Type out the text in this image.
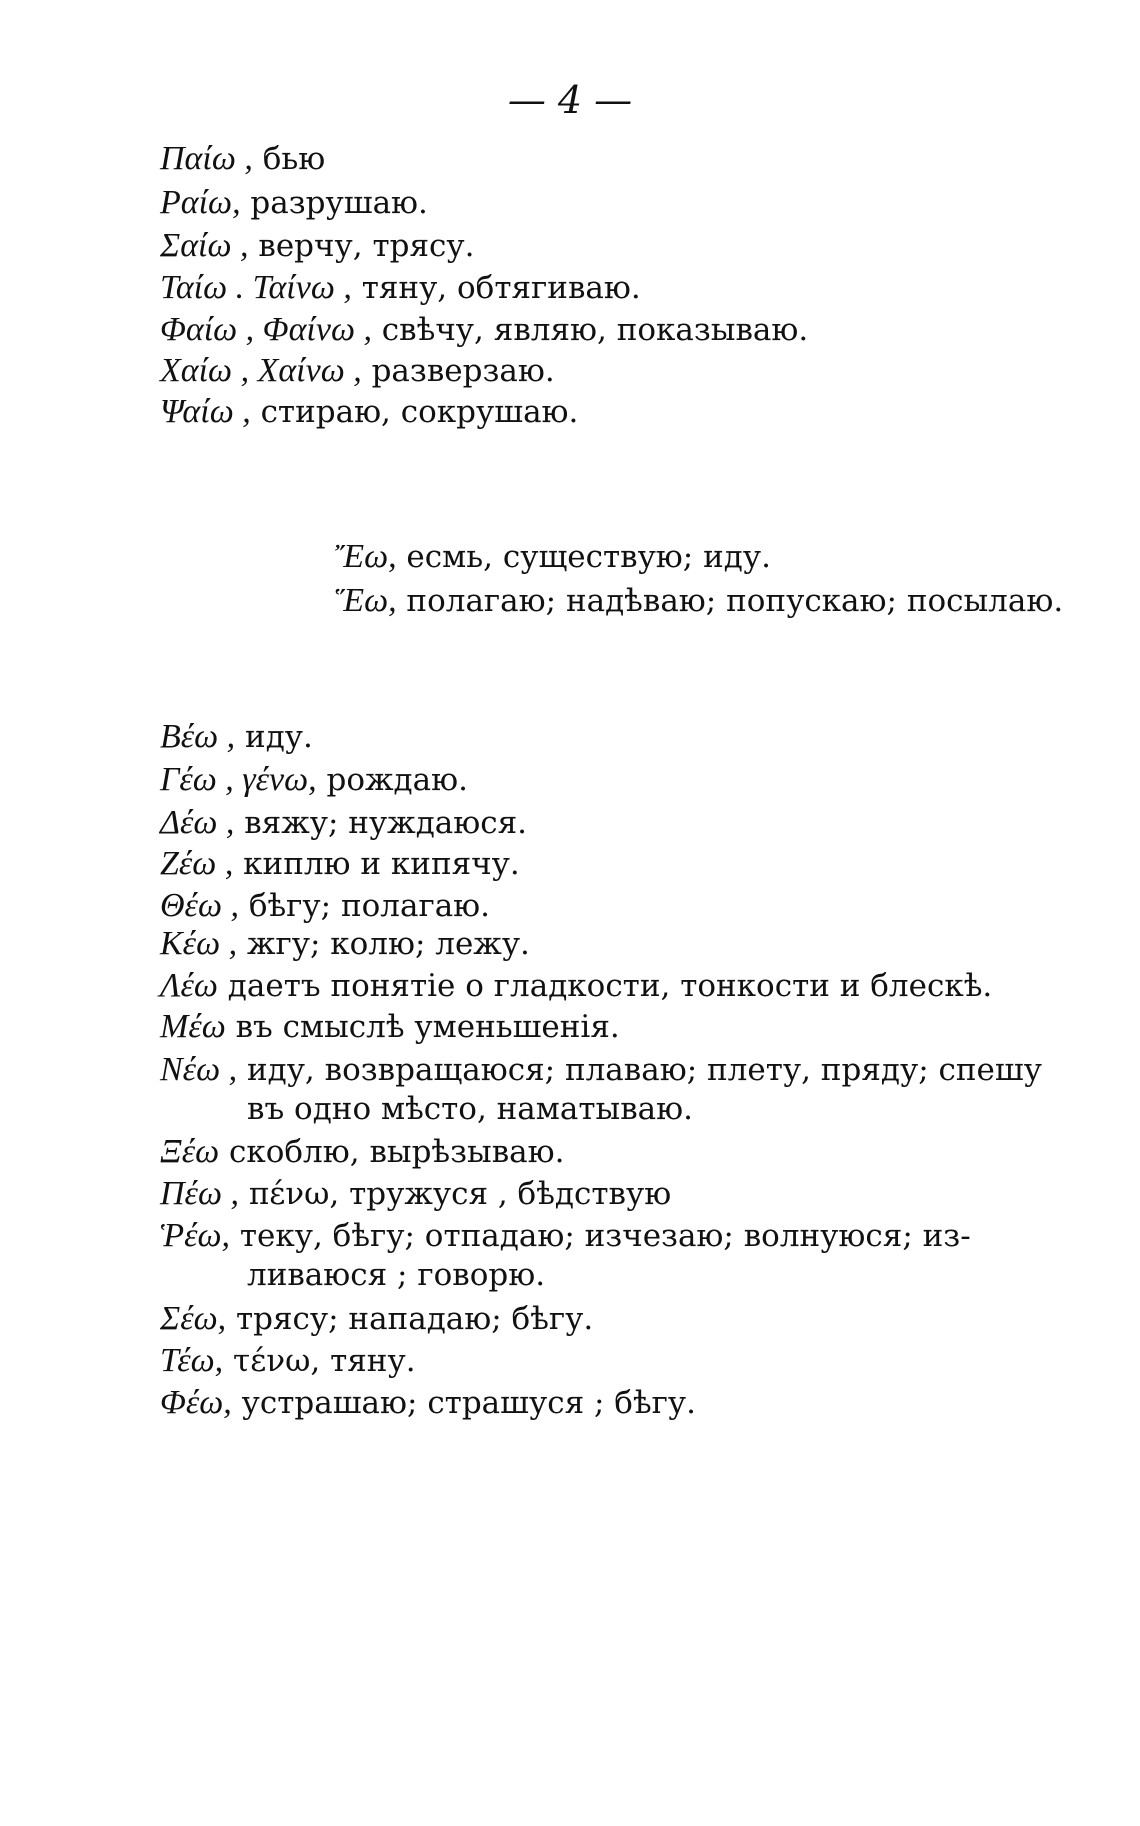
— 4 —
Παίω , бью
Ραίω, разрушаю.
Σαίω , верчу, трясу.
Ταίω . Ταίνω , тяну, обтягиваю.
Φαίω , Φαίνω , свѣчу, являю, показываю.
Χαίω , Χαίνω , разверзаю.
Ψαίω , стираю, сокрушаю.
Ἔω, есмь, существую; иду.
Ἕω, полагаю; надѣваю; попускаю; посылаю.
Βέω , иду.
Γέω , γένω, рождаю.
Δέω , вяжу; нуждаюся.
Ζέω , киплю и кипячу.
Θέω , бѣгу; полагаю.
Κέω , жгу; колю; лежу.
Λέω даетъ понятіе о гладкости, тонкости и блескѣ.
Μέω въ смыслѣ уменьшенія.
Νέω , иду, возвращаюся; плаваю; плету, пряду; спешу
въ одно мѣсто, наматываю.
Ξέω скоблю, вырѣзываю.
Πέω , πένω, тружуся , бѣдствую
Ῥέω, теку, бѣгу; отпадаю; изчезаю; волнуюся; из-
ливаюся ; говорю.
Σέω, трясу; нападаю; бѣгу.
Τέω, τένω, тяну.
Φέω, устрашаю; страшуся ; бѣгу.
